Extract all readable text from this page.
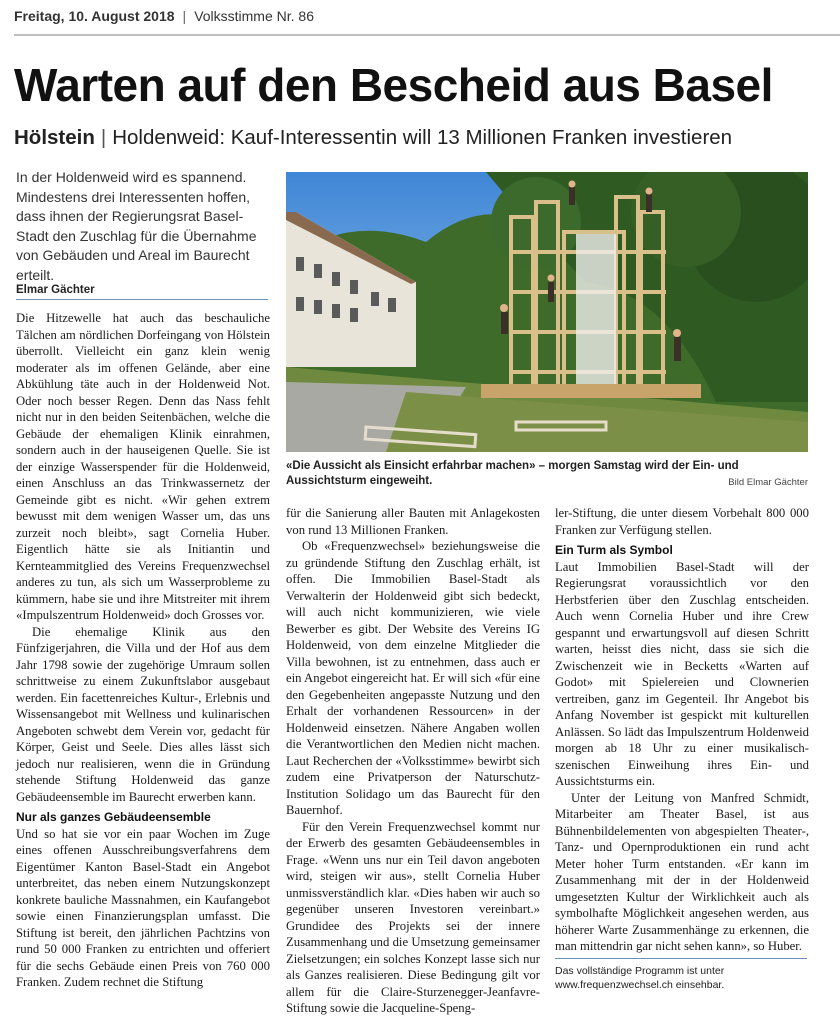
Freitag, 10. August 2018 | Volksstimme Nr. 86
Warten auf den Bescheid aus Basel
Hölstein | Holdenweid: Kauf-Interessentin will 13 Millionen Franken investieren
In der Holdenweid wird es spannend. Mindestens drei Interessenten hoffen, dass ihnen der Regierungsrat Basel-Stadt den Zuschlag für die Übernahme von Gebäuden und Areal im Baurecht erteilt.
Elmar Gächter

Die Hitzewelle hat auch das beschauliche Tälchen am nördlichen Dorfeingang von Hölstein überrollt. Vielleicht ein ganz klein wenig moderater als im offenen Gelände, aber eine Abkühlung täte auch in der Holdenweid Not. Oder noch besser Regen. Denn das Nass fehlt nicht nur in den beiden Seitenbächen, welche die Gebäude der ehemaligen Klinik einrahmen, sondern auch in der hauseigenen Quelle. Sie ist der einzige Wasserspender für die Holdenweid, einen Anschluss an das Trinkwassernetz der Gemeinde gibt es nicht. «Wir gehen extrem bewusst mit dem wenigen Wasser um, das uns zurzeit noch bleibt», sagt Cornelia Huber. Eigentlich hätte sie als Initiantin und Kernteammitglied des Vereins Frequenzwechsel anderes zu tun, als sich um Wasserprobleme zu kümmern, habe sie und ihre Mitstreiter mit ihrem «Impulszentrum Holdenweid» doch Grosses vor.

Die ehemalige Klinik aus den Fünfzigerjahren, die Villa und der Hof aus dem Jahr 1798 sowie der zugehörige Umraum sollen schrittweise zu einem Zukunftslabor ausgebaut werden. Ein facettenreiches Kultur-, Erlebnis und Wissensangebot mit Wellness und kulinarischen Angeboten schwebt dem Verein vor, gedacht für Körper, Geist und Seele. Dies alles lässt sich jedoch nur realisieren, wenn die in Gründung stehende Stiftung Holdenweid das ganze Gebäudeensemble im Baurecht erwerben kann.

Nur als ganzes Gebäudeensemble

Und so hat sie vor ein paar Wochen im Zuge eines offenen Ausschreibungsverfahrens dem Eigentümer Kanton Basel-Stadt ein Angebot unterbreitet, das neben einem Nutzungskonzept konkrete bauliche Massnahmen, ein Kaufangebot sowie einen Finanzierungsplan umfasst. Die Stiftung ist bereit, den jährlichen Pachtzins von rund 50 000 Franken zu entrichten und offeriert für die sechs Gebäude einen Preis von 760 000 Franken. Zudem rechnet die Stiftung

«Die Aussicht als Einsicht erfahrbar machen» – morgen Samstag wird der Ein- und Aussichtsturm eingeweiht.	Bild Elmar Gächter

für die Sanierung aller Bauten mit Anlagekosten von rund 13 Millionen Franken.

Ob «Frequenzwechsel» beziehungsweise die zu gründende Stiftung den Zuschlag erhält, ist offen. Die Immobilien Basel-Stadt als Verwalterin der Holdenweid gibt sich bedeckt, will auch nicht kommunizieren, wie viele Bewerber es gibt. Der Website des Vereins IG Holdenweid, von dem einzelne Mitglieder die Villa bewohnen, ist zu entnehmen, dass auch er ein Angebot eingereicht hat. Er will sich «für eine den Gegebenheiten angepasste Nutzung und den Erhalt der vorhandenen Ressourcen» in der Holdenweid einsetzen. Nähere Angaben wollen die Verantwortlichen den Medien nicht machen. Laut Recherchen der «Volksstimme» bewirbt sich zudem eine Privatperson der Naturschutz-Institution Solidago um das Baurecht für den Bauernhof.

Für den Verein Frequenzwechsel kommt nur der Erwerb des gesamten Gebäudeensembles in Frage. «Wenn uns nur ein Teil davon angeboten wird, steigen wir aus», stellt Cornelia Huber unmissverständlich klar. «Dies haben wir auch so gegenüber unseren Investoren vereinbart.» Grundidee des Projekts sei der innere Zusammenhang und die Umsetzung gemeinsamer Zielsetzungen; ein solches Konzept lasse sich nur als Ganzes realisieren. Diese Bedingung gilt vor allem für die Claire-Sturzenegger-Jeanfavre-Stiftung sowie die Jacqueline-Speng-

ler-Stiftung, die unter diesem Vorbehalt 800 000 Franken zur Verfügung stellen.

Ein Turm als Symbol

Laut Immobilien Basel-Stadt will der Regierungsrat voraussichtlich vor den Herbstferien über den Zuschlag entscheiden. Auch wenn Cornelia Huber und ihre Crew gespannt und erwartungsvoll auf diesen Schritt warten, heisst dies nicht, dass sie sich die Zwischenzeit wie in Becketts «Warten auf Godot» mit Spielereien und Clownerien vertreiben, ganz im Gegenteil. Ihr Angebot bis Anfang November ist gespickt mit kulturellen Anlässen. So lädt das Impulszentrum Holdenweid morgen ab 18 Uhr zu einer musikalisch-szenischen Einweihung ihres Ein- und Aussichtsturms ein.

Unter der Leitung von Manfred Schmidt, Mitarbeiter am Theater Basel, ist aus Bühnenbildelementen von abgespielten Theater-, Tanz- und Opernproduktionen ein rund acht Meter hoher Turm entstanden. «Er kann im Zusammenhang mit der in der Holdenweid umgesetzten Kultur der Wirklichkeit auch als symbolhafte Möglichkeit angesehen werden, aus höherer Warte Zusammenhänge zu erkennen, die man mittendrin gar nicht sehen kann», so Huber.

Das vollständige Programm ist unter
www.frequenzwechsel.ch einsehbar.
